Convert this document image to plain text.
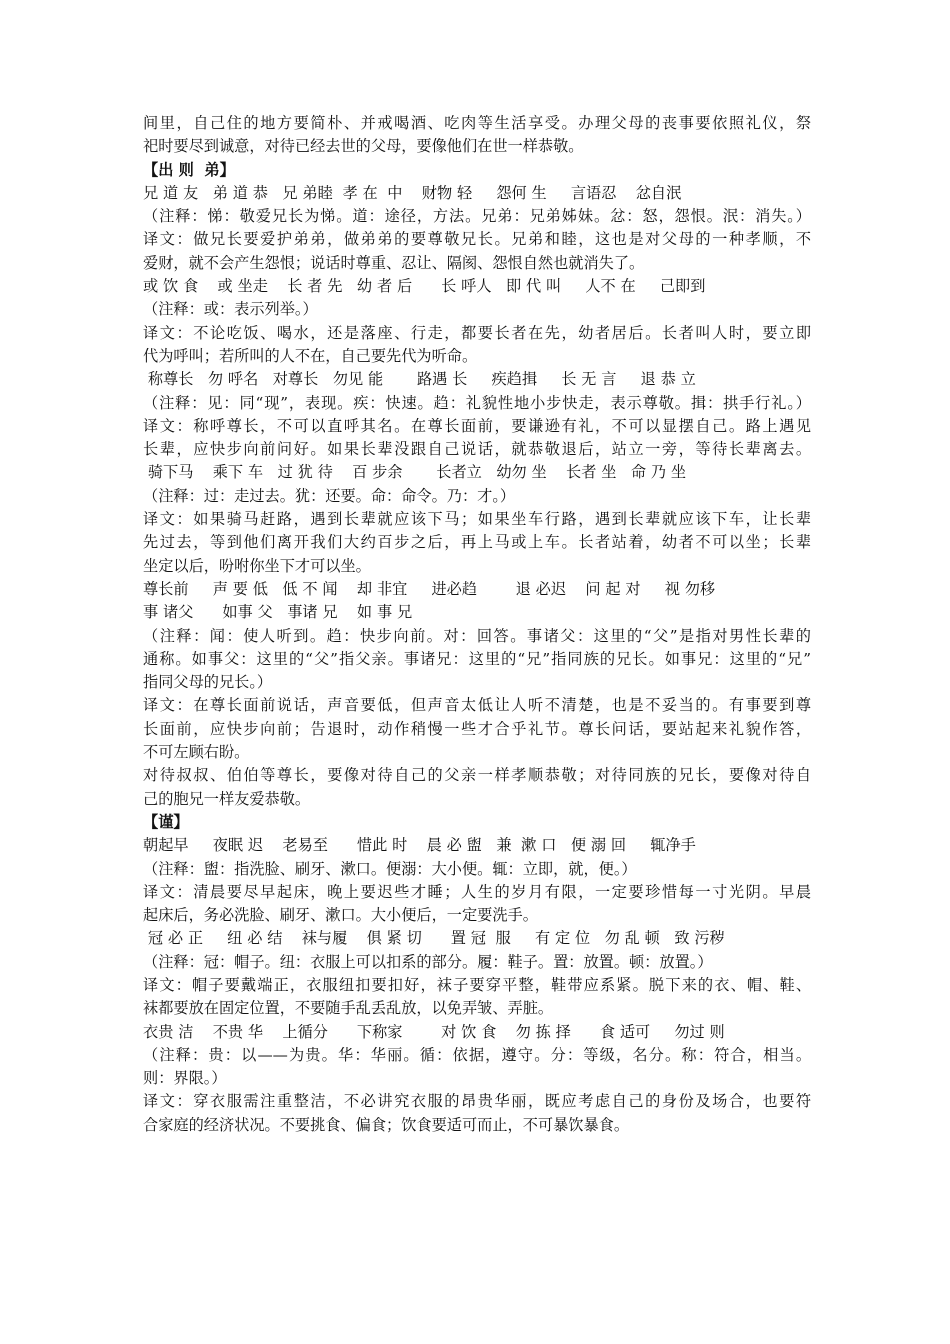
间里，自己住的地方要简朴、并戒喝酒、吃肉等生活享受。办理父母的丧事要依照礼仪，祭
祀时要尽到诚意，对待已经去世的父母，要像他们在世一样恭敬。
【出 则  弟】
兄 道 友   弟 道 恭   兄 弟睦  孝 在  中    财物 轻     怨何 生     言语忍    忿自泯
（注释：悌：敬爱兄长为悌。道：途径，方法。兄弟：兄弟姊妹。忿：怒，怨恨。泯：消失。）
译文：做兄长要爱护弟弟，做弟弟的要尊敬兄长。兄弟和睦，这也是对父母的一种孝顺，不
爱财，就不会产生怨恨；说话时尊重、忍让、隔阂、怨恨自然也就消失了。
或 饮 食    或 坐走    长 者 先   幼 者 后      长 呼人   即 代 叫     人不 在     己即到
（注释：或：表示列举。）
译文：不论吃饭、喝水，还是落座、行走，都要长者在先，幼者居后。长者叫人时，要立即
代为呼叫；若所叫的人不在，自己要先代为听命。
称尊长   勿 呼名   对尊长   勿见 能       路遇 长     疾趋揖     长 无 言     退 恭 立
（注释：见：同“现”，表现。疾：快速。趋：礼貌性地小步快走，表示尊敬。揖：拱手行礼。）
译文：称呼尊长，不可以直呼其名。在尊长面前，要谦逊有礼，不可以显摆自己。路上遇见
长辈，应快步向前问好。如果长辈没跟自己说话，就恭敬退后，站立一旁，等待长辈离去。
骑下马    乘下 车   过 犹 待    百 步余       长者立   幼勿 坐    长者 坐   命 乃 坐
（注释：过：走过去。犹：还要。命：命令。乃：才。）
译文：如果骑马赶路，遇到长辈就应该下马；如果坐车行路，遇到长辈就应该下车，让长辈
先过去，等到他们离开我们大约百步之后，再上马或上车。长者站着，幼者不可以坐；长辈
坐定以后，吩咐你坐下才可以坐。
尊长前     声 要 低   低 不 闻    却 非宜     进必趋        退 必迟    问 起 对     视 勿移
事 诸父      如事 父   事诸 兄    如 事 兄
（注释：闻：使人听到。趋：快步向前。对：回答。事诸父：这里的“父”是指对男性长辈的
通称。如事父：这里的“父”指父亲。事诸兄：这里的“兄”指同族的兄长。如事兄：这里的“兄”
指同父母的兄长。）
译文：在尊长面前说话，声音要低，但声音太低让人听不清楚，也是不妥当的。有事要到尊
长面前，应快步向前；告退时，动作稍慢一些才合乎礼节。尊长问话，要站起来礼貌作答，
不可左顾右盼。
对待叔叔、伯伯等尊长，要像对待自己的父亲一样孝顺恭敬；对待同族的兄长，要像对待自
己的胞兄一样友爱恭敬。
【谨】
朝起早     夜眠 迟    老易至      惜此 时    晨 必 盥   兼  漱 口   便 溺 回     辄净手
（注释：盥：指洗脸、刷牙、漱口。便溺：大小便。辄：立即，就，便。）
译文：清晨要尽早起床，晚上要迟些才睡；人生的岁月有限，一定要珍惜每一寸光阴。早晨
起床后，务必洗脸、刷牙、漱口。大小便后，一定要洗手。
冠 必 正     纽 必 结    袜与履    俱 紧 切      置 冠  服     有 定 位   勿 乱 顿   致 污秽
（注释：冠：帽子。纽：衣服上可以扣系的部分。履：鞋子。置：放置。顿：放置。）
译文：帽子要戴端正，衣服纽扣要扣好，袜子要穿平整，鞋带应系紧。脱下来的衣、帽、鞋、
袜都要放在固定位置，不要随手乱丢乱放，以免弄皱、弄脏。
衣贵 洁    不贵 华    上循分      下称家        对 饮 食    勿 拣 择      食 适可     勿过 则
（注释：贵：以——为贵。华：华丽。循：依据，遵守。分：等级，名分。称：符合，相当。
则：界限。）
译文：穿衣服需注重整洁，不必讲究衣服的昂贵华丽，既应考虑自己的身份及场合，也要符
合家庭的经济状况。不要挑食、偏食；饮食要适可而止，不可暴饮暴食。
